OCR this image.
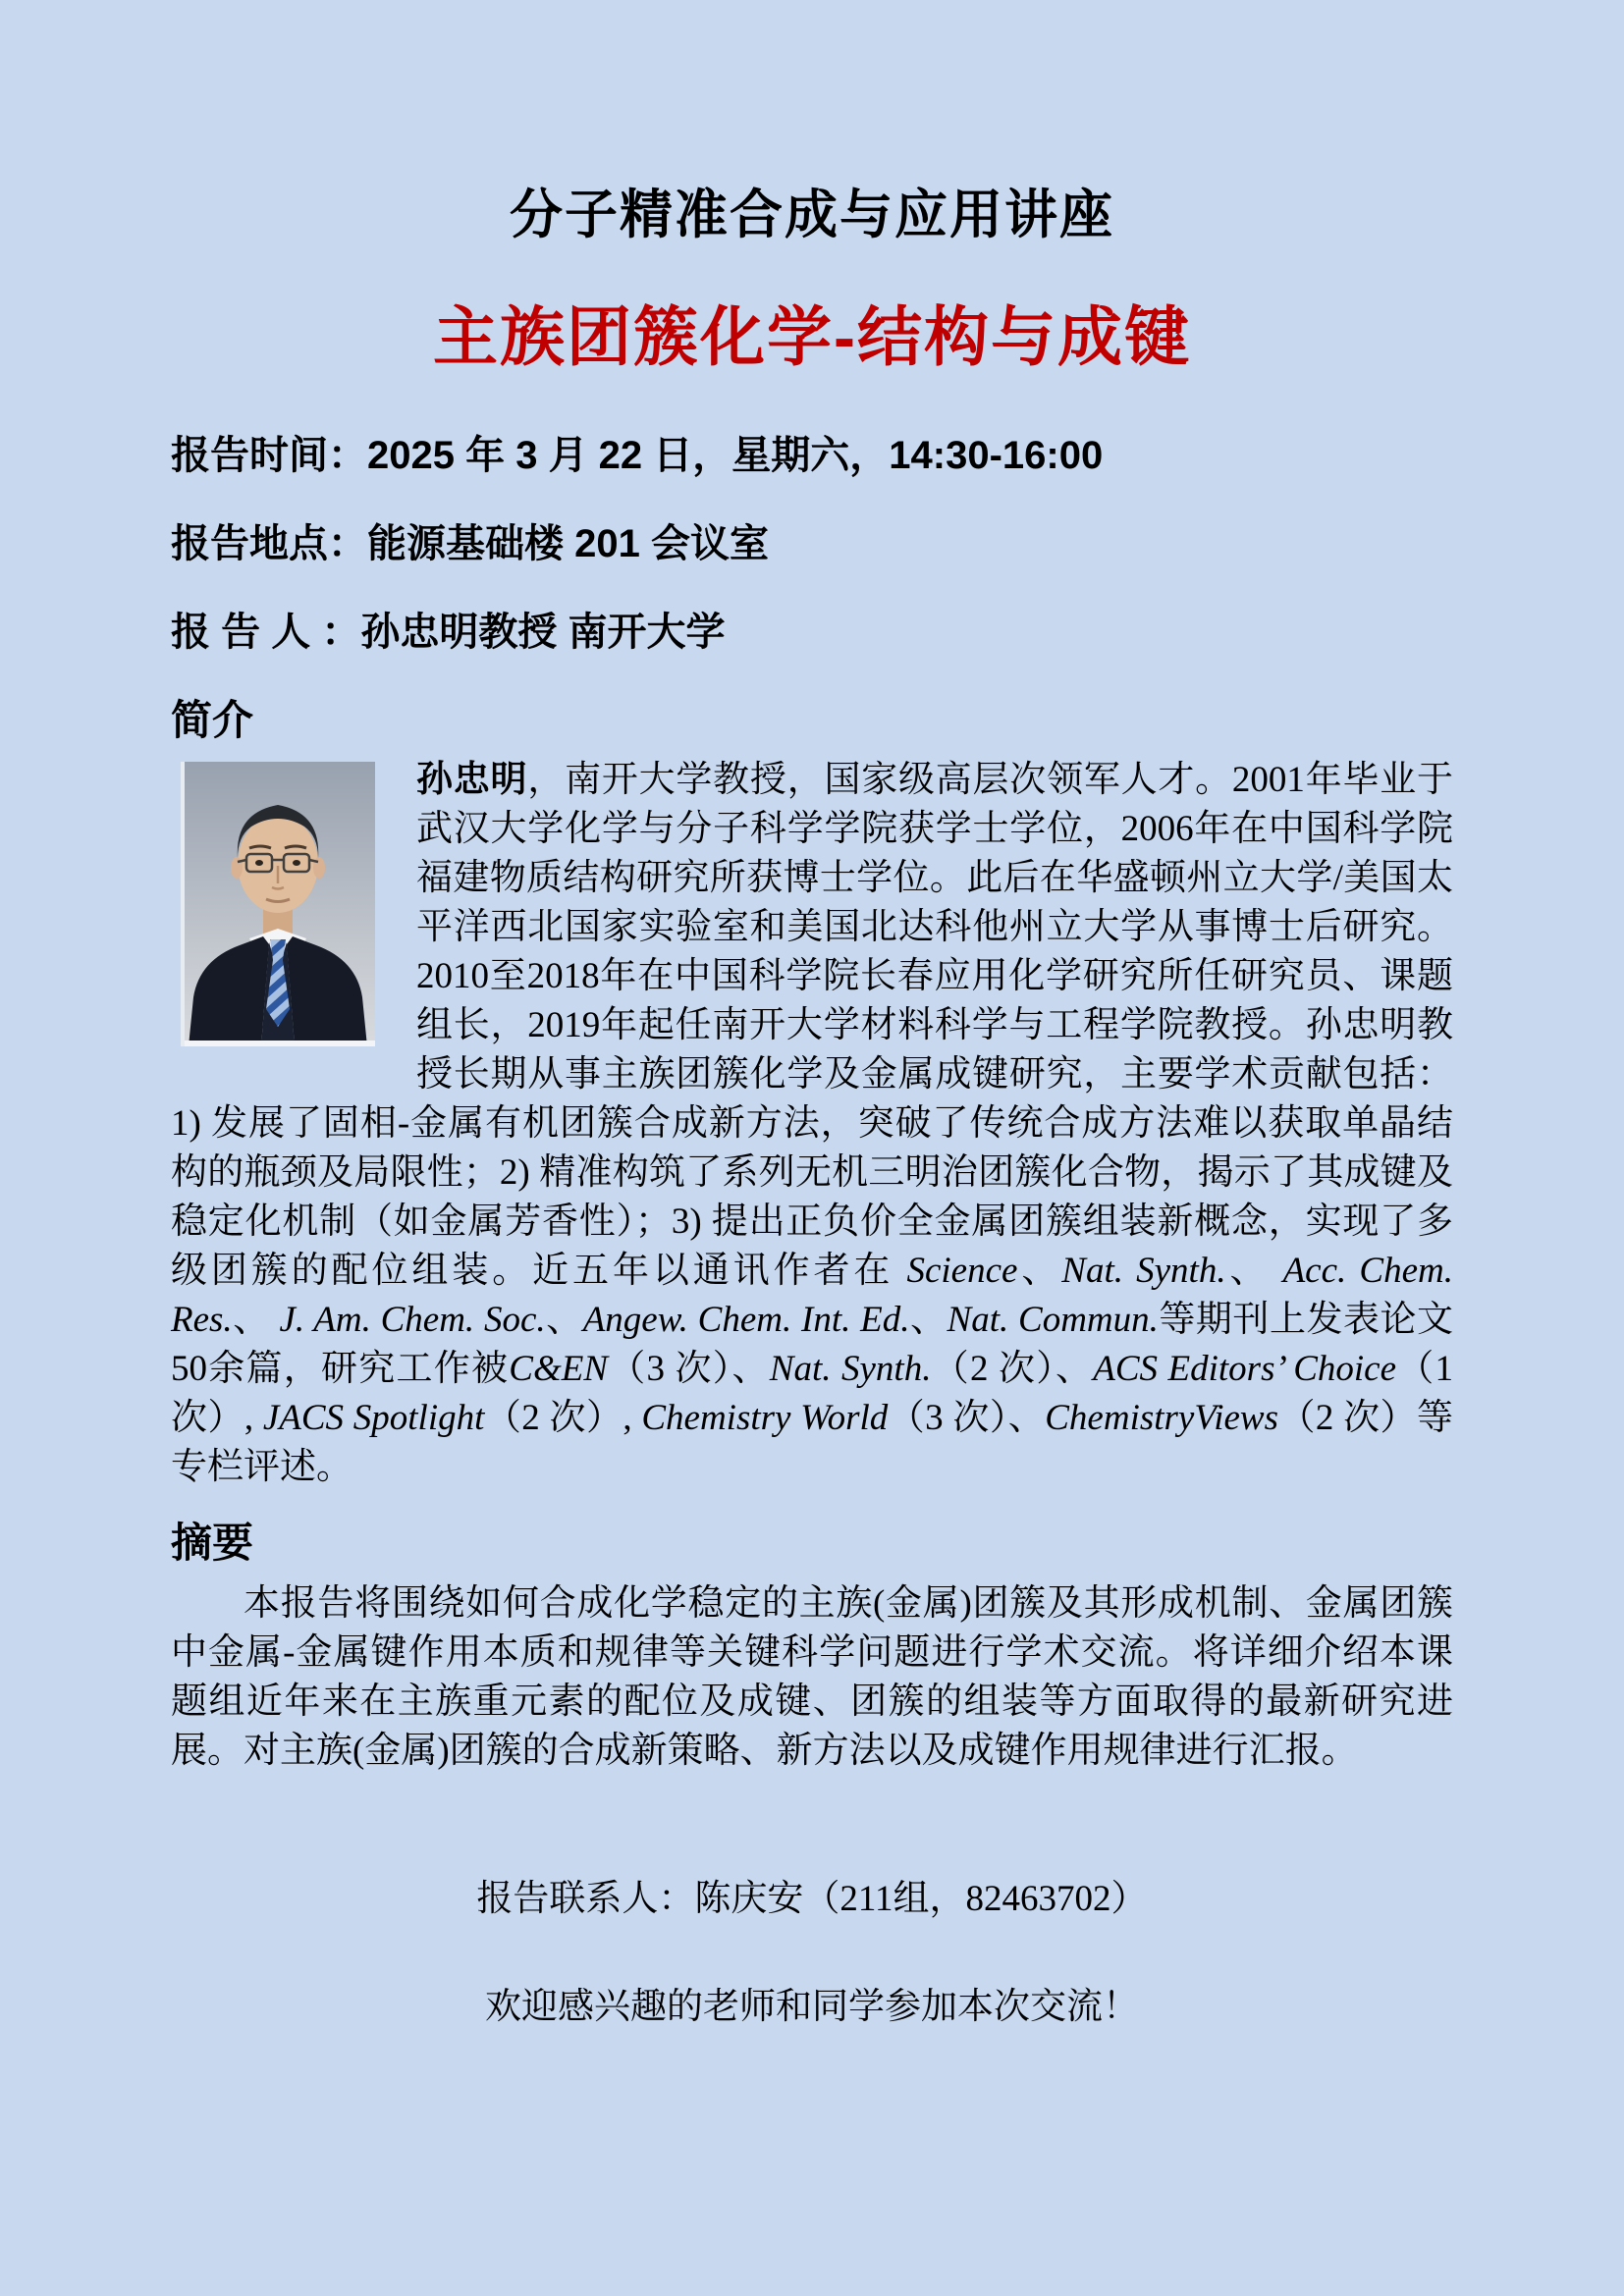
分子精准合成与应用讲座
主族团簇化学-结构与成键
报告时间：2025 年 3 月 22 日，星期六，14:30-16:00
报告地点：能源基础楼 201 会议室
报 告 人 ：孙忠明教授 南开大学
简介
孙忠明，南开大学教授，国家级高层次领军人才。2001年毕业于武汉大学化学与分子科学学院获学士学位，2006年在中国科学院福建物质结构研究所获博士学位。此后在华盛顿州立大学/美国太平洋西北国家实验室和美国北达科他州立大学从事博士后研究。2010至2018年在中国科学院长春应用化学研究所任研究员、课题组长，2019年起任南开大学材料科学与工程学院教授。孙忠明教授长期从事主族团簇化学及金属成键研究，主要学术贡献包括：1) 发展了固相-金属有机团簇合成新方法，突破了传统合成方法难以获取单晶结构的瓶颈及局限性；2) 精准构筑了系列无机三明治团簇化合物，揭示了其成键及稳定化机制（如金属芳香性）；3) 提出正负价全金属团簇组装新概念，实现了多级团簇的配位组装。近五年以通讯作者在 Science、Nat. Synth.、 Acc. Chem. Res.、 J. Am. Chem. Soc.、Angew. Chem. Int. Ed.、Nat. Commun.等期刊上发表论文50余篇，研究工作被C&EN（3 次）、Nat. Synth.（2 次）、ACS Editors’ Choice（1 次）, JACS Spotlight（2 次）, Chemistry World（3 次）、ChemistryViews（2 次）等专栏评述。
摘要
本报告将围绕如何合成化学稳定的主族(金属)团簇及其形成机制、金属团簇中金属-金属键作用本质和规律等关键科学问题进行学术交流。将详细介绍本课题组近年来在主族重元素的配位及成键、团簇的组装等方面取得的最新研究进展。对主族(金属)团簇的合成新策略、新方法以及成键作用规律进行汇报。
报告联系人：陈庆安（211组，82463702）
欢迎感兴趣的老师和同学参加本次交流！
